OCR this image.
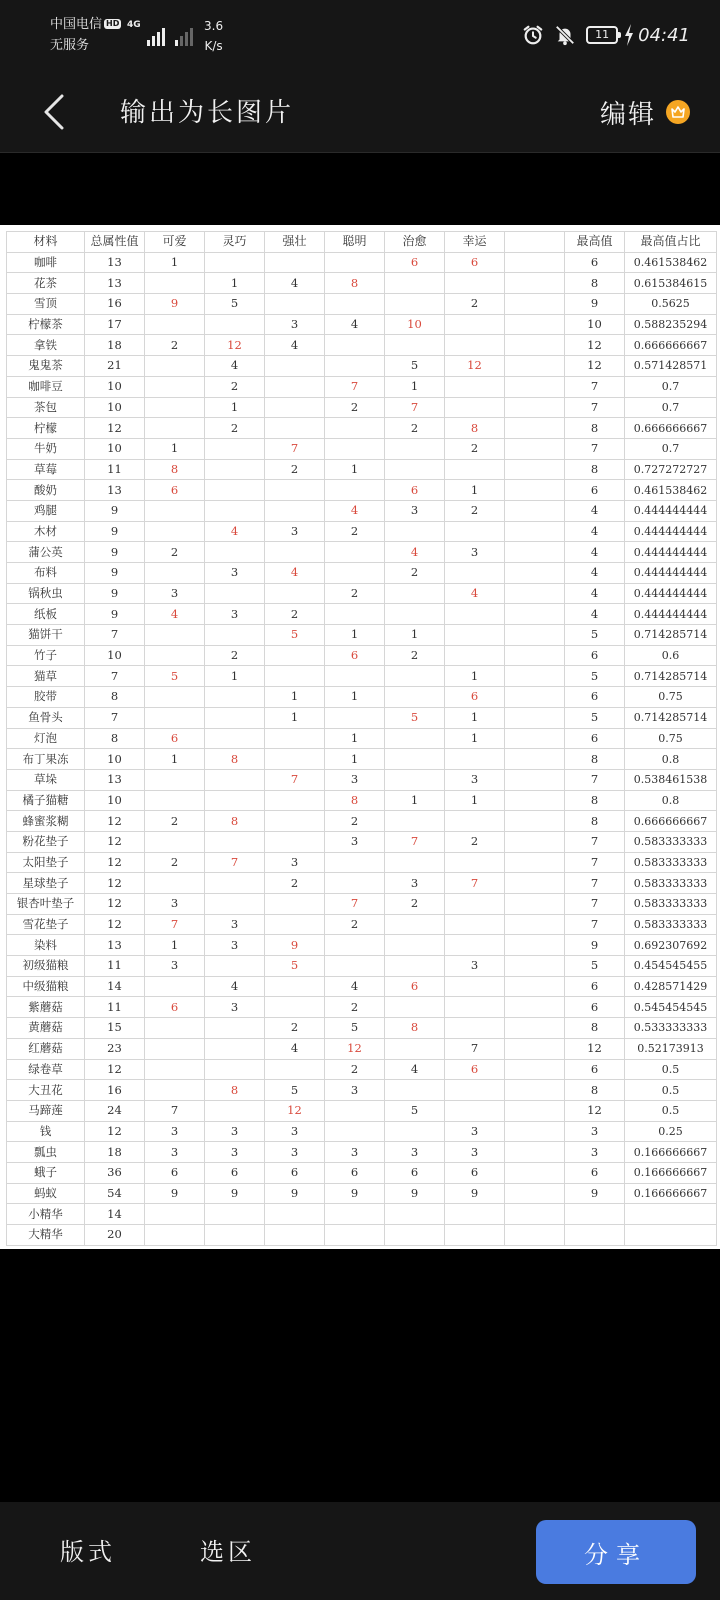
中国电信 HD
无服务
4G	3.6
K/s
11	04:41
输出为长图片	编辑
材料	总属性值	可爱	灵巧	强壮	聪明	治愈	幸运		最高值	最高值占比
咖啡	13	1				6	6		6	0.461538462
花茶	13		1	4	8				8	0.615384615
雪顶	16	9	5				2		9	0.5625
柠檬茶	17			3	4	10			10	0.588235294
拿铁	18	2	12	4					12	0.666666667
鬼鬼茶	21		4			5	12		12	0.571428571
咖啡豆	10		2		7	1			7	0.7
茶包	10		1		2	7			7	0.7
柠檬	12		2			2	8		8	0.666666667
牛奶	10	1		7			2		7	0.7
草莓	11	8		2	1				8	0.727272727
酸奶	13	6				6	1		6	0.461538462
鸡腿	9				4	3	2		4	0.444444444
木材	9		4	3	2				4	0.444444444
蒲公英	9	2				4	3		4	0.444444444
布料	9		3	4		2			4	0.444444444
锅秋虫	9	3			2		4		4	0.444444444
纸板	9	4	3	2					4	0.444444444
猫饼干	7			5	1	1			5	0.714285714
竹子	10		2		6	2			6	0.6
猫草	7	5	1				1		5	0.714285714
胶带	8			1	1		6		6	0.75
鱼骨头	7			1		5	1		5	0.714285714
灯泡	8	6			1		1		6	0.75
布丁果冻	10	1	8		1				8	0.8
草垛	13			7	3		3		7	0.538461538
橘子猫糖	10				8	1	1		8	0.8
蜂蜜浆糊	12	2	8		2				8	0.666666667
粉花垫子	12				3	7	2		7	0.583333333
太阳垫子	12	2	7	3					7	0.583333333
星球垫子	12			2		3	7		7	0.583333333
银杏叶垫子	12	3			7	2			7	0.583333333
雪花垫子	12	7	3		2				7	0.583333333
染料	13	1	3	9					9	0.692307692
初级猫粮	11	3		5			3		5	0.454545455
中级猫粮	14		4		4	6			6	0.428571429
紫蘑菇	11	6	3		2				6	0.545454545
黄蘑菇	15			2	5	8			8	0.533333333
红蘑菇	23			4	12		7		12	0.52173913
绿卷草	12				2	4	6		6	0.5
大丑花	16		8	5	3				8	0.5
马蹄莲	24	7		12		5			12	0.5
钱	12	3	3	3			3		3	0.25
瓢虫	18	3	3	3	3	3	3		3	0.166666667
蛾子	36	6	6	6	6	6	6		6	0.166666667
蚂蚁	54	9	9	9	9	9	9		9	0.166666667
小精华	14									
大精华	20									
版式	选区	分享
